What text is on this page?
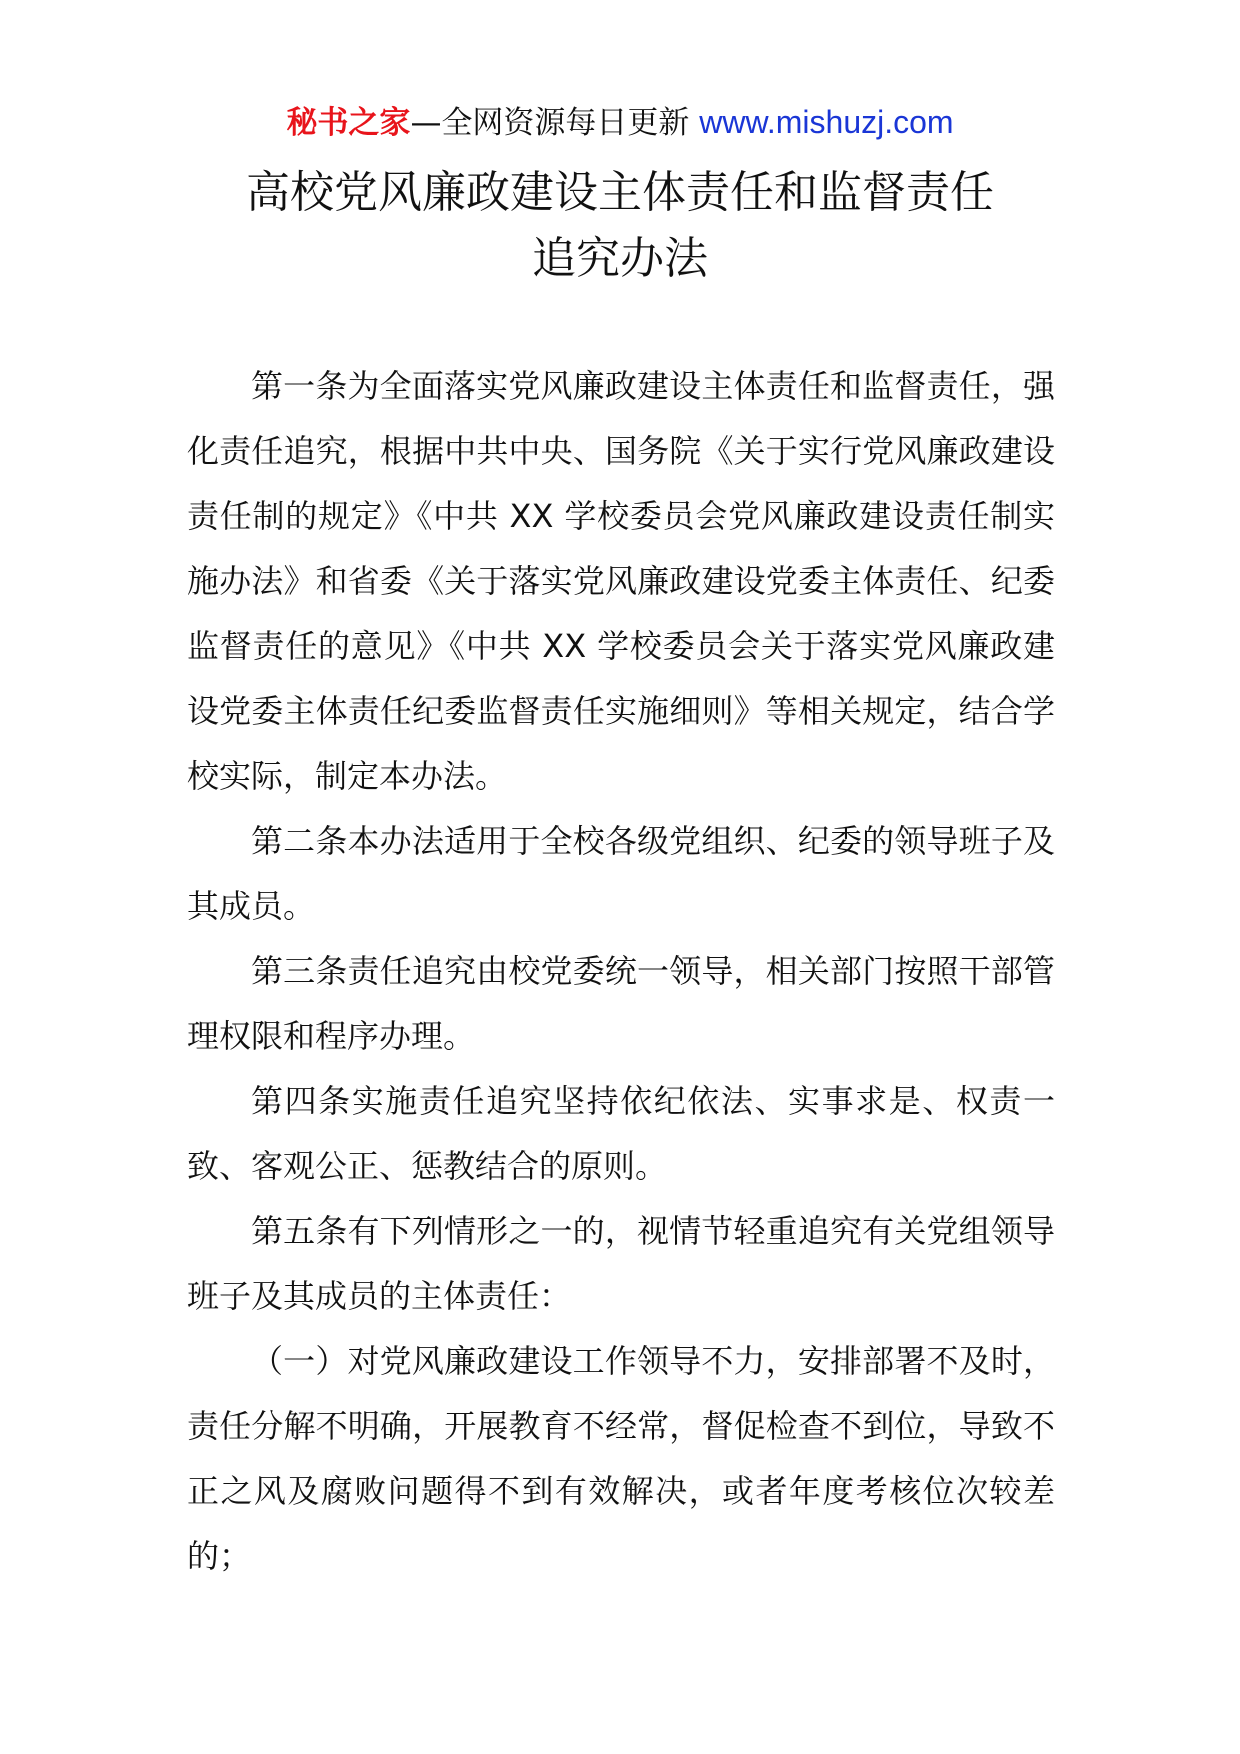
秘书之家—全网资源每日更新 www.mishuzj.com
高校党风廉政建设主体责任和监督责任
追究办法

第一条为全面落实党风廉政建设主体责任和监督责任，强化责任追究，根据中共中央、国务院《关于实行党风廉政建设责任制的规定》《中共 XX 学校委员会党风廉政建设责任制实施办法》和省委《关于落实党风廉政建设党委主体责任、纪委监督责任的意见》《中共 XX 学校委员会关于落实党风廉政建设党委主体责任纪委监督责任实施细则》等相关规定，结合学校实际，制定本办法。

第二条本办法适用于全校各级党组织、纪委的领导班子及其成员。

第三条责任追究由校党委统一领导，相关部门按照干部管理权限和程序办理。

第四条实施责任追究坚持依纪依法、实事求是、权责一致、客观公正、惩教结合的原则。

第五条有下列情形之一的，视情节轻重追究有关党组领导班子及其成员的主体责任：

（一）对党风廉政建设工作领导不力，安排部署不及时，责任分解不明确，开展教育不经常，督促检查不到位，导致不正之风及腐败问题得不到有效解决，或者年度考核位次较差的；
